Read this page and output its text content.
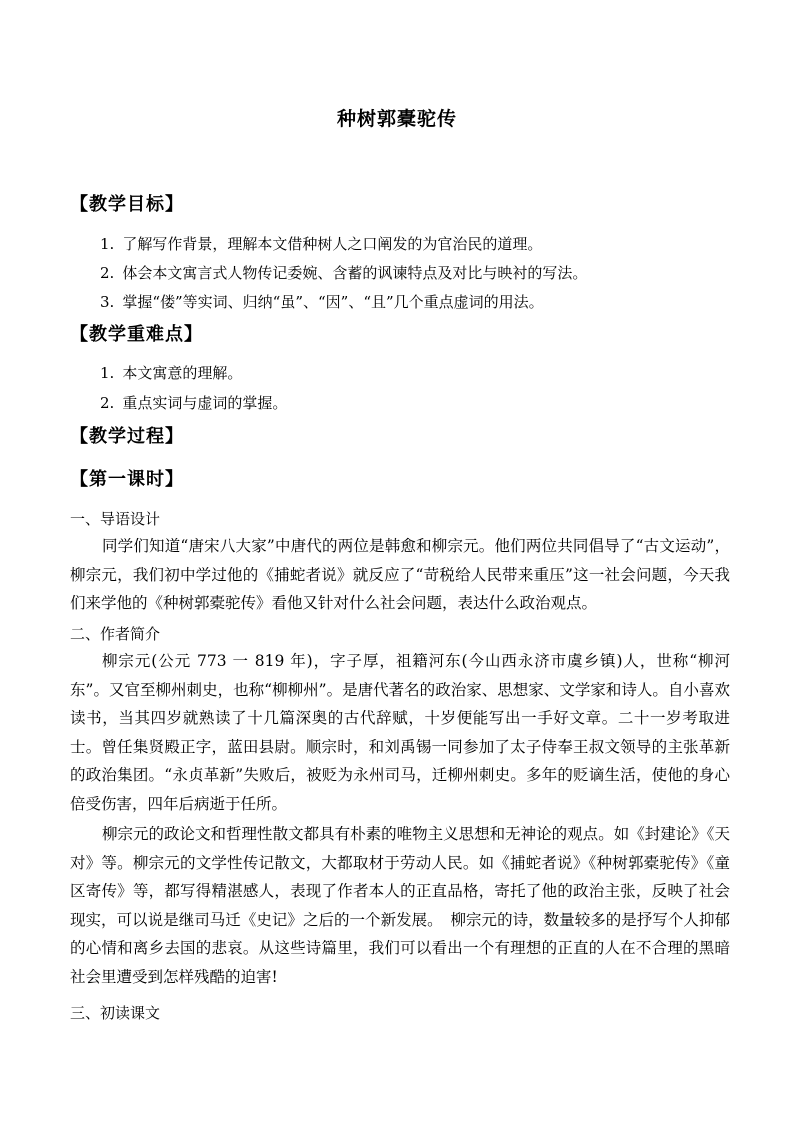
种树郭橐驼传
【教学目标】
1. 了解写作背景，理解本文借种树人之口阐发的为官治民的道理。
2. 体会本文寓言式人物传记委婉、含蓄的讽谏特点及对比与映衬的写法。
3. 掌握“偻”等实词、归纳“虽”、“因”、“且”几个重点虚词的用法。
【教学重难点】
1. 本文寓意的理解。
2. 重点实词与虚词的掌握。
【教学过程】
【第一课时】
一、导语设计
同学们知道“唐宋八大家”中唐代的两位是韩愈和柳宗元。他们两位共同倡导了“古文运动”，柳宗元，我们初中学过他的《捕蛇者说》就反应了“苛税给人民带来重压”这一社会问题，今天我们来学他的《种树郭橐驼传》看他又针对什么社会问题，表达什么政治观点。
二、作者简介
柳宗元(公元 773 一 819 年)，字子厚，祖籍河东(今山西永济市虞乡镇)人，世称“柳河东”。又官至柳州刺史，也称“柳柳州”。是唐代著名的政治家、思想家、文学家和诗人。自小喜欢读书，当其四岁就熟读了十几篇深奥的古代辞赋，十岁便能写出一手好文章。二十一岁考取进士。曾任集贤殿正字，蓝田县尉。顺宗时，和刘禹锡一同参加了太子侍奉王叔文领导的主张革新的政治集团。“永贞革新”失败后，被贬为永州司马，迁柳州刺史。多年的贬谪生活，使他的身心倍受伤害，四年后病逝于任所。
柳宗元的政论文和哲理性散文都具有朴素的唯物主义思想和无神论的观点。如《封建论》《天对》等。柳宗元的文学性传记散文，大都取材于劳动人民。如《捕蛇者说》《种树郭橐驼传》《童区寄传》等，都写得精湛感人，表现了作者本人的正直品格，寄托了他的政治主张，反映了社会现实，可以说是继司马迁《史记》之后的一个新发展。　柳宗元的诗，数量较多的是抒写个人抑郁的心情和离乡去国的悲哀。从这些诗篇里，我们可以看出一个有理想的正直的人在不合理的黑暗社会里遭受到怎样残酷的迫害!
三、初读课文
